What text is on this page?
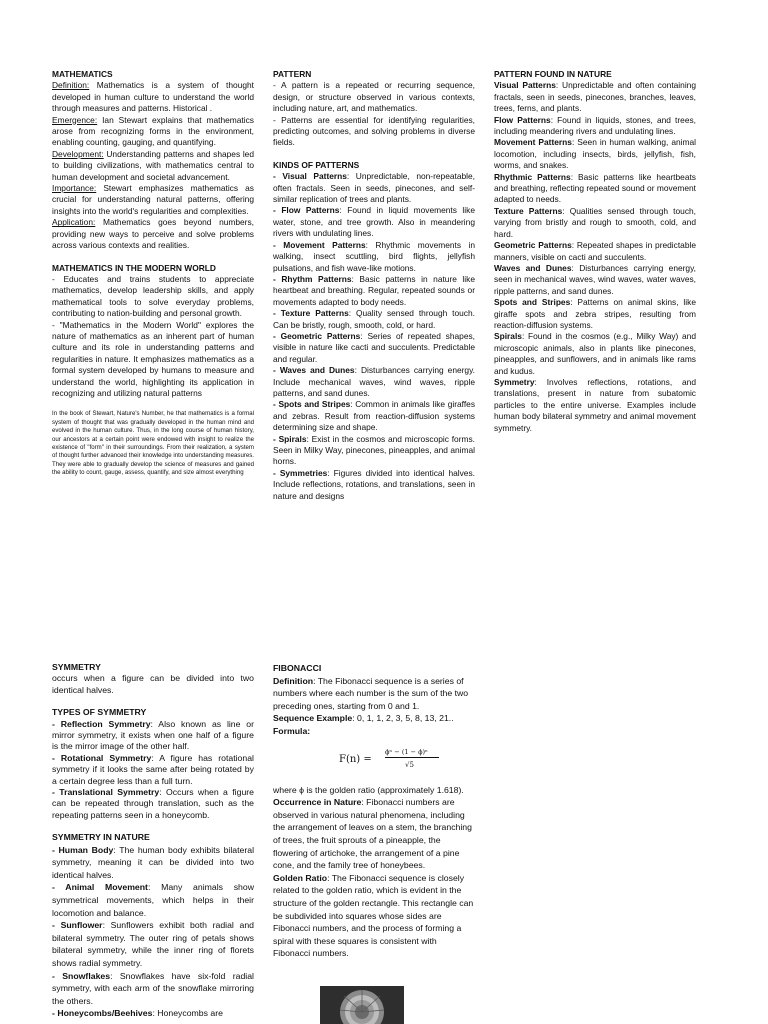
MATHEMATICS

Definition: Mathematics is a system of thought developed in human culture to understand the world through measures and patterns. Historical .

Emergence: Ian Stewart explains that mathematics arose from recognizing forms in the environment, enabling counting, gauging, and quantifying.

Development: Understanding patterns and shapes led to building civilizations, with mathematics central to human development and societal advancement.

Importance: Stewart emphasizes mathematics as crucial for understanding natural patterns, offering insights into the world's regularities and complexities.

Application: Mathematics goes beyond numbers, providing new ways to perceive and solve problems across various contexts and realities.

MATHEMATICS IN THE MODERN WORLD

- Educates and trains students to appreciate mathematics, develop leadership skills, and apply mathematical tools to solve everyday problems, contributing to nation-building and personal growth.

- "Mathematics in the Modern World" explores the nature of mathematics as an inherent part of human culture and its role in understanding patterns and regularities in nature. It emphasizes mathematics as a formal system developed by humans to measure and understand the world, highlighting its application in recognizing and utilizing natural patterns

In the book of Stewart, Nature's Number, he that mathematics is a formal system of thought that was gradually developed in the human mind and evolved in the human culture. Thus, in the long course of human history, our ancestors at a certain point were endowed with insight to realize the existence of "form" in their surroundings. From their realization, a system of thought further advanced their knowledge into understanding measures. They were able to gradually develop the science of measures and gained the ability to count, gauge, assess, quantify, and size almost everything

PATTERN

- A pattern is a repeated or recurring sequence, design, or structure observed in various contexts, including nature, art, and mathematics.

- Patterns are essential for identifying regularities, predicting outcomes, and solving problems in diverse fields.

KINDS OF PATTERNS

- Visual Patterns: Unpredictable, non-repeatable, often fractals. Seen in seeds, pinecones, and self-similar replication of trees and plants.

- Flow Patterns: Found in liquid movements like water, stone, and tree growth. Also in meandering rivers with undulating lines.

- Movement Patterns: Rhythmic movements in walking, insect scuttling, bird flights, jellyfish pulsations, and fish wave-like motions.

- Rhythm Patterns: Basic patterns in nature like heartbeat and breathing. Regular, repeated sounds or movements adapted to body needs.

- Texture Patterns: Quality sensed through touch. Can be bristly, rough, smooth, cold, or hard.

- Geometric Patterns: Series of repeated shapes, visible in nature like cacti and succulents. Predictable and regular.

- Waves and Dunes: Disturbances carrying energy. Include mechanical waves, wind waves, ripple patterns, and sand dunes.

- Spots and Stripes: Common in animals like giraffes and zebras. Result from reaction-diffusion systems determining size and shape.

- Spirals: Exist in the cosmos and microscopic forms. Seen in Milky Way, pinecones, pineapples, and animal horns.

- Symmetries: Figures divided into identical halves. Include reflections, rotations, and translations, seen in nature and designs

PATTERN FOUND IN NATURE

Visual Patterns: Unpredictable and often containing fractals, seen in seeds, pinecones, branches, leaves, trees, ferns, and plants.

Flow Patterns: Found in liquids, stones, and trees, including meandering rivers and undulating lines.

Movement Patterns: Seen in human walking, animal locomotion, including insects, birds, jellyfish, fish, worms, and snakes.

Rhythmic Patterns: Basic patterns like heartbeats and breathing, reflecting repeated sound or movement adapted to needs.

Texture Patterns: Qualities sensed through touch, varying from bristly and rough to smooth, cold, and hard.

Geometric Patterns: Repeated shapes in predictable manners, visible on cacti and succulents.

Waves and Dunes: Disturbances carrying energy, seen in mechanical waves, wind waves, water waves, ripple patterns, and sand dunes.

Spots and Stripes: Patterns on animal skins, like giraffe spots and zebra stripes, resulting from reaction-diffusion systems.

Spirals: Found in the cosmos (e.g., Milky Way) and microscopic animals, also in plants like pinecones, pineapples, and sunflowers, and in animals like rams and kudus.

Symmetry: Involves reflections, rotations, and translations, present in nature from subatomic particles to the entire universe. Examples include human body bilateral symmetry and animal movement symmetry.

SYMMETRY

occurs when a figure can be divided into two identical halves.

TYPES OF SYMMETRY

- Reflection Symmetry: Also known as line or mirror symmetry, it exists when one half of a figure is the mirror image of the other half.

- Rotational Symmetry: A figure has rotational symmetry if it looks the same after being rotated by a certain degree less than a full turn.

- Translational Symmetry: Occurs when a figure can be repeated through translation, such as the repeating patterns seen in a honeycomb.

SYMMETRY IN NATURE

- Human Body: The human body exhibits bilateral symmetry, meaning it can be divided into two identical halves.

- Animal Movement: Many animals show symmetrical movements, which helps in their locomotion and balance.

- Sunflower: Sunflowers exhibit both radial and bilateral symmetry. The outer ring of petals shows bilateral symmetry, while the inner ring of florets shows radial symmetry.

- Snowflakes: Snowflakes have six-fold radial symmetry, with each arm of the snowflake mirroring the others.

- Honeycombs/Beehives: Honeycombs are

FIBONACCI

Definition: The Fibonacci sequence is a series of numbers where each number is the sum of the two preceding ones, starting from 0 and 1.

Sequence Example: 0, 1, 1, 2, 3, 5, 8, 13, 21..

Formula:

F(n) =
ϕⁿ − (1 − ϕ)ⁿ
√5

where ϕ is the golden ratio (approximately 1.618).

Occurrence in Nature: Fibonacci numbers are observed in various natural phenomena, including the arrangement of leaves on a stem, the branching of trees, the fruit sprouts of a pineapple, the flowering of artichoke, the arrangement of a pine cone, and the family tree of honeybees.

Golden Ratio: The Fibonacci sequence is closely related to the golden ratio, which is evident in the structure of the golden rectangle. This rectangle can be subdivided into squares whose sides are Fibonacci numbers, and the process of forming a spiral with these squares is consistent with Fibonacci numbers.
